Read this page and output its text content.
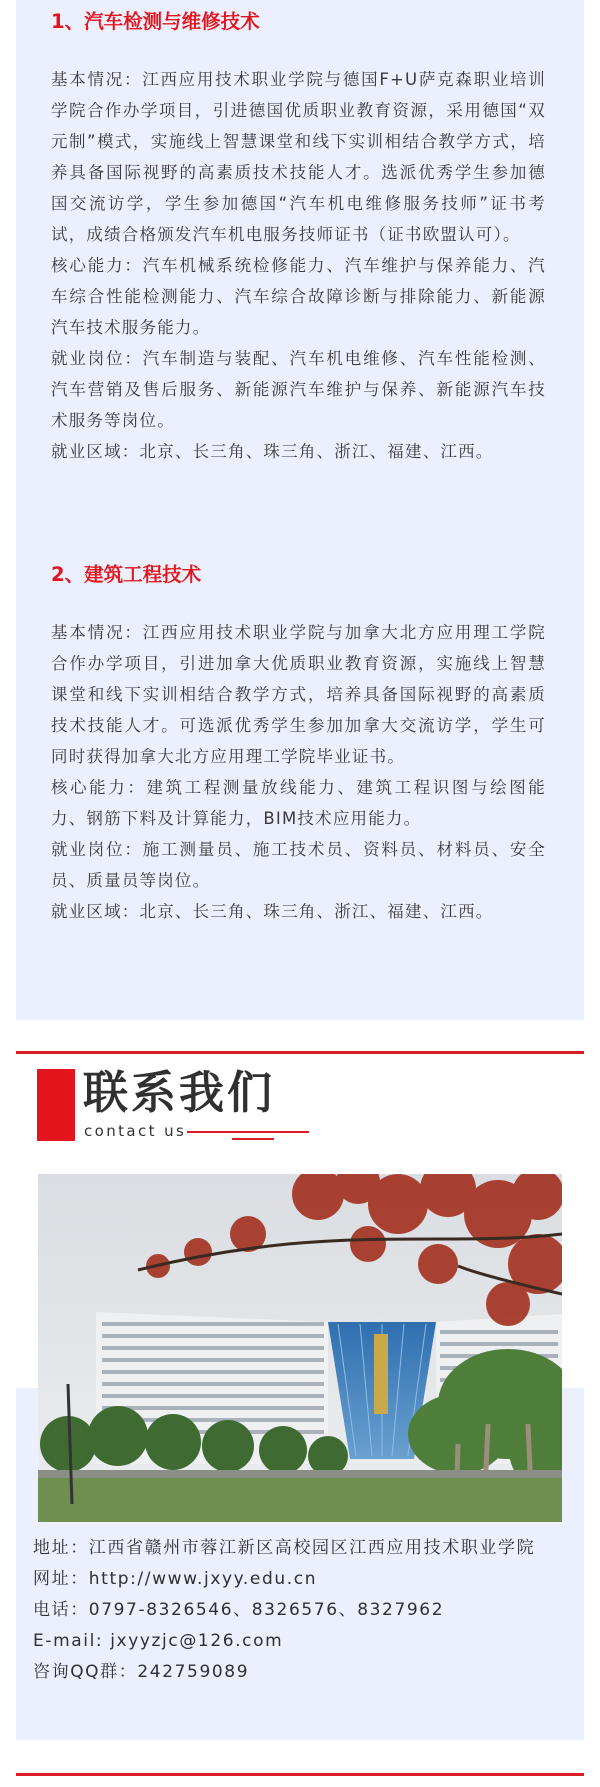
1、汽车检测与维修技术

基本情况：江西应用技术职业学院与德国F+U萨克森职业培训学院合作办学项目，引进德国优质职业教育资源，采用德国“双元制”模式，实施线上智慧课堂和线下实训相结合教学方式，培养具备国际视野的高素质技术技能人才。选派优秀学生参加德国交流访学，学生参加德国“汽车机电维修服务技师”证书考试，成绩合格颁发汽车机电服务技师证书（证书欧盟认可）。

核心能力：汽车机械系统检修能力、汽车维护与保养能力、汽车综合性能检测能力、汽车综合故障诊断与排除能力、新能源汽车技术服务能力。

就业岗位：汽车制造与装配、汽车机电维修、汽车性能检测、汽车营销及售后服务、新能源汽车维护与保养、新能源汽车技术服务等岗位。

就业区域：北京、长三角、珠三角、浙江、福建、江西。

2、建筑工程技术

基本情况：江西应用技术职业学院与加拿大北方应用理工学院合作办学项目，引进加拿大优质职业教育资源，实施线上智慧课堂和线下实训相结合教学方式，培养具备国际视野的高素质技术技能人才。可选派优秀学生参加加拿大交流访学，学生可同时获得加拿大北方应用理工学院毕业证书。

核心能力：建筑工程测量放线能力、建筑工程识图与绘图能力、钢筋下料及计算能力，BIM技术应用能力。

就业岗位：施工测量员、施工技术员、资料员、材料员、安全员、质量员等岗位。

就业区域：北京、长三角、珠三角、浙江、福建、江西。

联系我们
contact us

地址：江西省赣州市蓉江新区高校园区江西应用技术职业学院

网址：http://www.jxyy.edu.cn

电话：0797-8326546、8326576、8327962

E-mail: jxyyzjc@126.com

咨询QQ群：242759089
